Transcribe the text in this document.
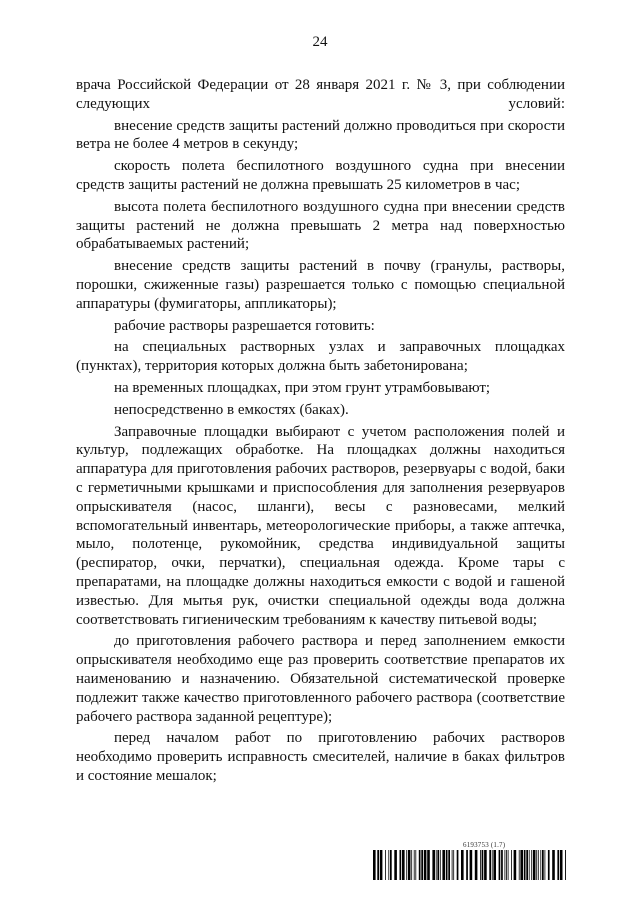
24

врача Российской Федерации от 28 января 2021 г. № 3, при соблюдении следующих условий:

внесение средств защиты растений должно проводиться при скорости ветра не более 4 метров в секунду;

скорость полета беспилотного воздушного судна при внесении средств защиты растений не должна превышать 25 километров в час;

высота полета беспилотного воздушного судна при внесении средств защиты растений не должна превышать 2 метра над поверхностью обрабатываемых растений;

внесение средств защиты растений в почву (гранулы, растворы, порошки, сжиженные газы) разрешается только с помощью специальной аппаратуры (фумигаторы, аппликаторы);

рабочие растворы разрешается готовить:

на специальных растворных узлах и заправочных площадках (пунктах), территория которых должна быть забетонирована;

на временных площадках, при этом грунт утрамбовывают;

непосредственно в емкостях (баках).

Заправочные площадки выбирают с учетом расположения полей и культур, подлежащих обработке. На площадках должны находиться аппаратура для приготовления рабочих растворов, резервуары с водой, баки с герметичными крышками и приспособления для заполнения резервуаров опрыскивателя (насос, шланги), весы с разновесами, мелкий вспомогательный инвентарь, метеорологические приборы, а также аптечка, мыло, полотенце, рукомойник, средства индивидуальной защиты (респиратор, очки, перчатки), специальная одежда. Кроме тары с препаратами, на площадке должны находиться емкости с водой и гашеной известью. Для мытья рук, очистки специальной одежды вода должна соответствовать гигиеническим требованиям к качеству питьевой воды;

до приготовления рабочего раствора и перед заполнением емкости опрыскивателя необходимо еще раз проверить соответствие препаратов их наименованию и назначению. Обязательной систематической проверке подлежит также качество приготовленного рабочего раствора (соответствие рабочего раствора заданной рецептуре);

перед началом работ по приготовлению рабочих растворов необходимо проверить исправность смесителей, наличие в баках фильтров и состояние мешалок;

6193753 (1.7)
